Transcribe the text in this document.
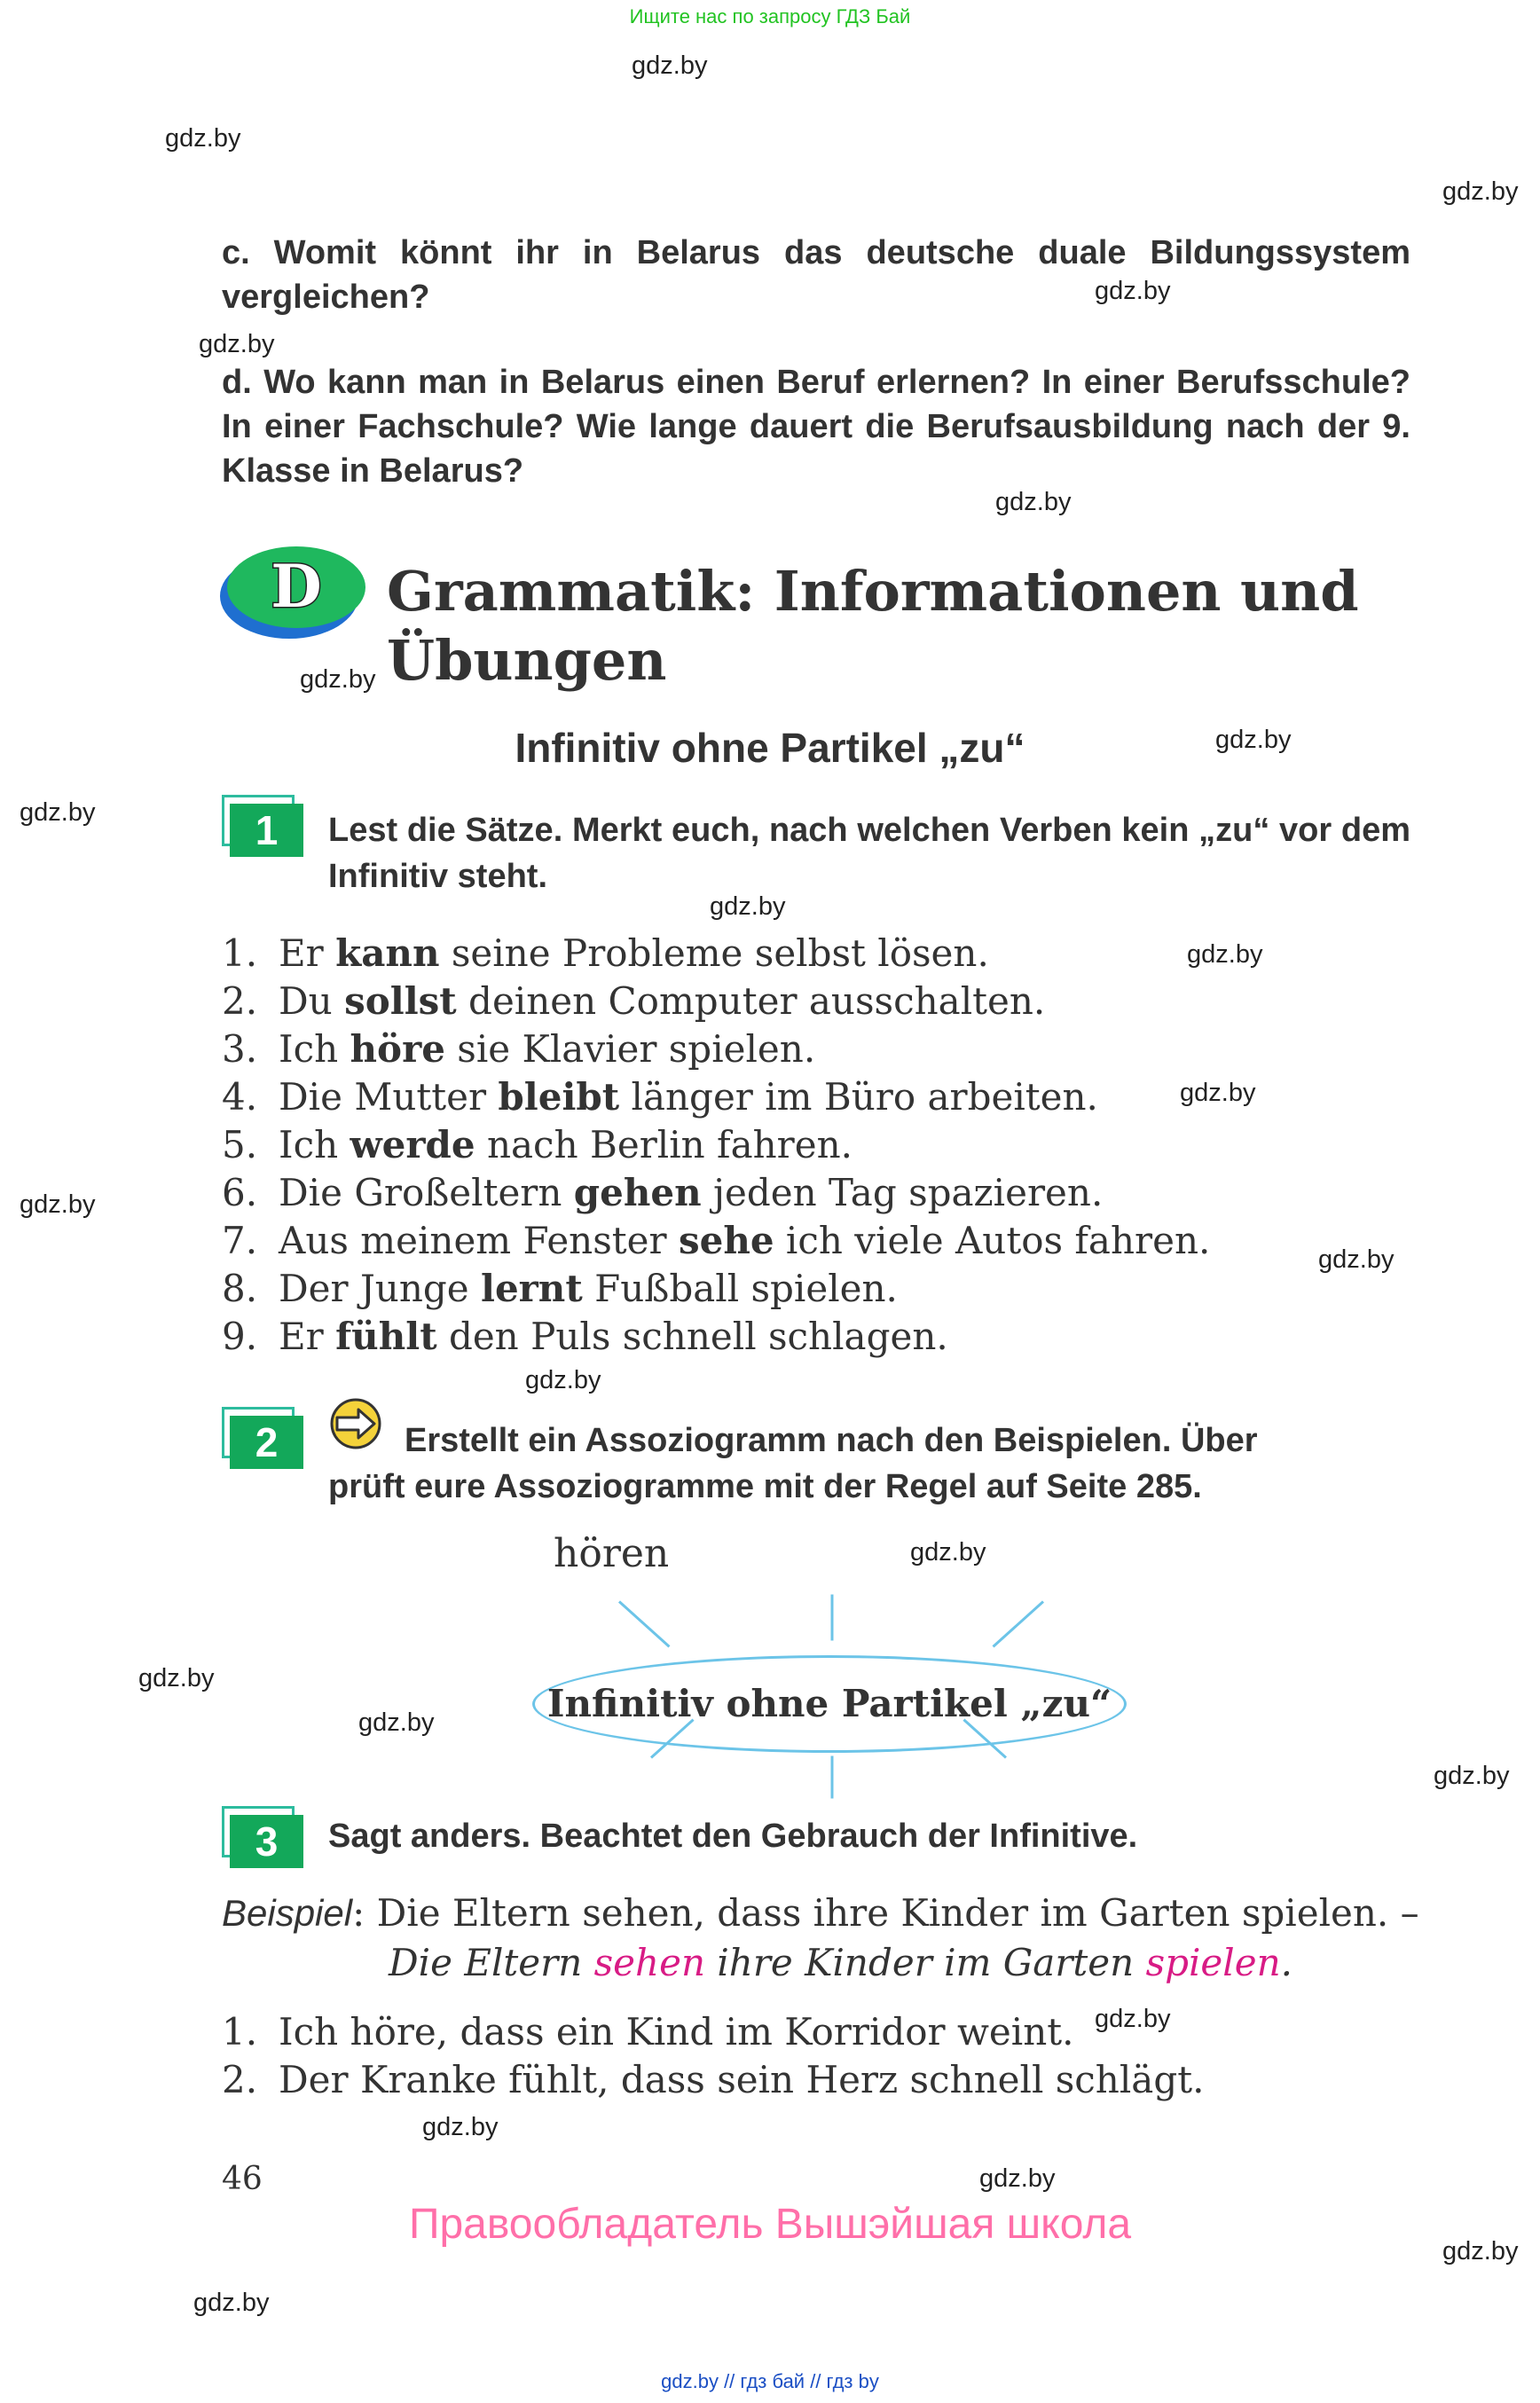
Ищите нас по запросу ГДЗ Бай
gdz.by
gdz.by
gdz.by
gdz.by
gdz.by
gdz.by
gdz.by
gdz.by
gdz.by
gdz.by
gdz.by
gdz.by
gdz.by
gdz.by
gdz.by
gdz.by
gdz.by
gdz.by
gdz.by
gdz.by
gdz.by
gdz.by
gdz.by
gdz.by
c. Womit könnt ihr in Belarus das deutsche duale Bildungssystem vergleichen?
d. Wo kann man in Belarus einen Beruf erlernen? In einer Berufsschule? In einer Fachschule? Wie lange dauert die Berufsausbildung nach der 9. Klasse in Belarus?
D Grammatik: Informationen und
Übungen
Infinitiv ohne Partikel „zu“
1	Lest die Sätze. Merkt euch, nach welchen Verben kein „zu“ vor dem Infinitiv steht.
1. Er kann seine Probleme selbst lösen.
2. Du sollst deinen Computer ausschalten.
3. Ich höre sie Klavier spielen.
4. Die Mutter bleibt länger im Büro arbeiten.
5. Ich werde nach Berlin fahren.
6. Die Großeltern gehen jeden Tag spazieren.
7. Aus meinem Fenster sehe ich viele Autos fahren.
8. Der Junge lernt Fußball spielen.
9. Er fühlt den Puls schnell schlagen.
2	Erstellt ein Assoziogramm nach den Beispielen. Über
prüft eure Assoziogramme mit der Regel auf Seite 285.
hören
Infinitiv ohne Partikel „zu“
3	Sagt anders. Beachtet den Gebrauch der Infinitive.
Beispiel: Die Eltern sehen, dass ihre Kinder im Garten spielen. –
Die Eltern sehen ihre Kinder im Garten spielen.
1. Ich höre, dass ein Kind im Korridor weint.
2. Der Kranke fühlt, dass sein Herz schnell schlägt.
46
Правообладатель Вышэйшая школа
gdz.by // гдз бай // гдз by
